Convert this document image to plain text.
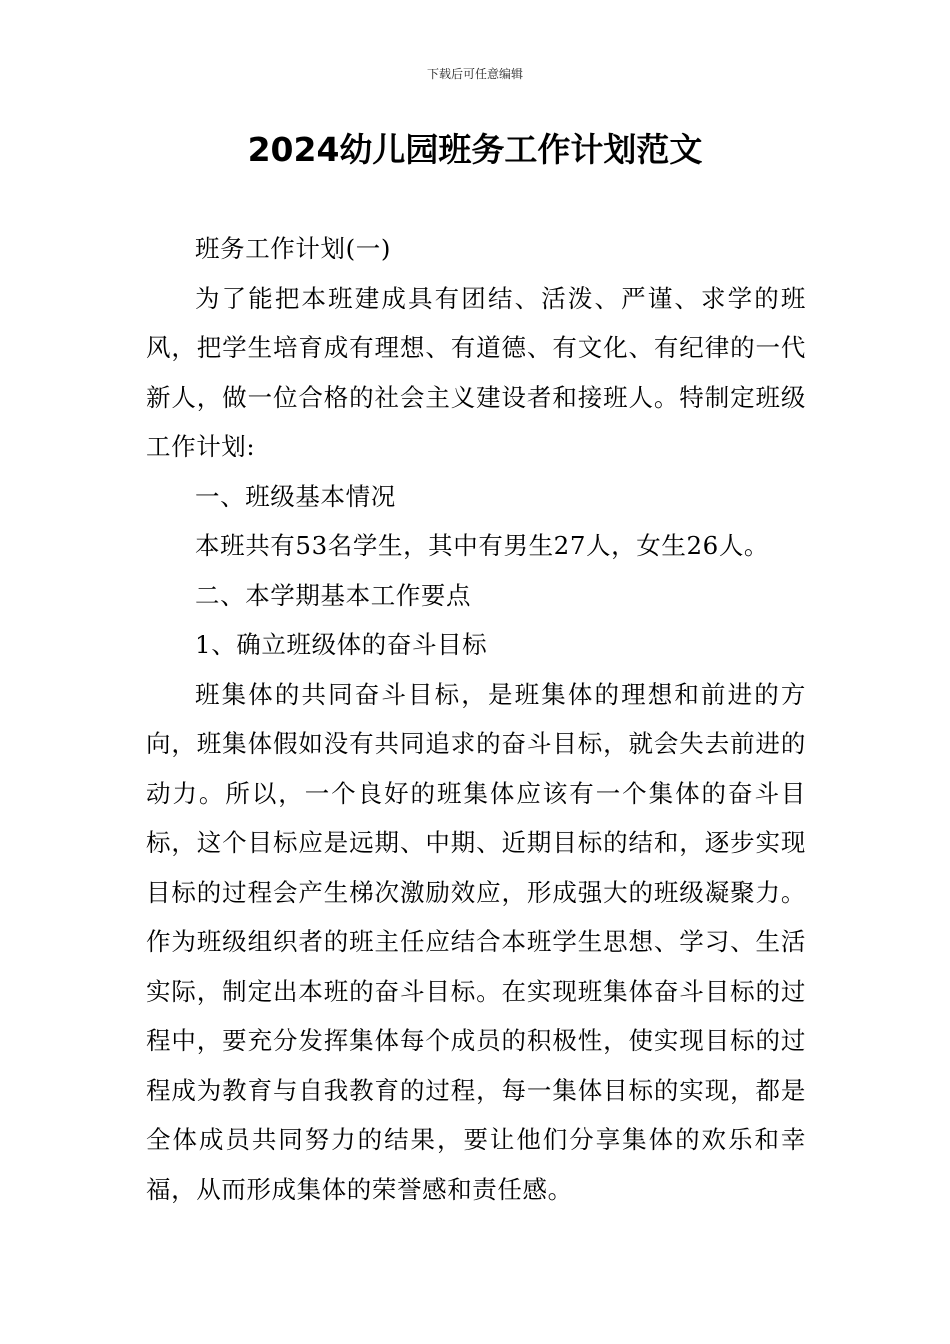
下载后可任意编辑
2024幼儿园班务工作计划范文

班务工作计划(一)

为了能把本班建成具有团结、活泼、严谨、求学的班风，把学生培育成有理想、有道德、有文化、有纪律的一代新人，做一位合格的社会主义建设者和接班人。特制定班级工作计划:

一、班级基本情况

本班共有53名学生，其中有男生27人，女生26人。

二、本学期基本工作要点

1、确立班级体的奋斗目标

班集体的共同奋斗目标，是班集体的理想和前进的方向，班集体假如没有共同追求的奋斗目标，就会失去前进的动力。所以，一个良好的班集体应该有一个集体的奋斗目标，这个目标应是远期、中期、近期目标的结和，逐步实现目标的过程会产生梯次激励效应，形成强大的班级凝聚力。作为班级组织者的班主任应结合本班学生思想、学习、生活实际，制定出本班的奋斗目标。在实现班集体奋斗目标的过程中，要充分发挥集体每个成员的积极性，使实现目标的过程成为教育与自我教育的过程，每一集体目标的实现，都是全体成员共同努力的结果，要让他们分享集体的欢乐和幸福，从而形成集体的荣誉感和责任感。
